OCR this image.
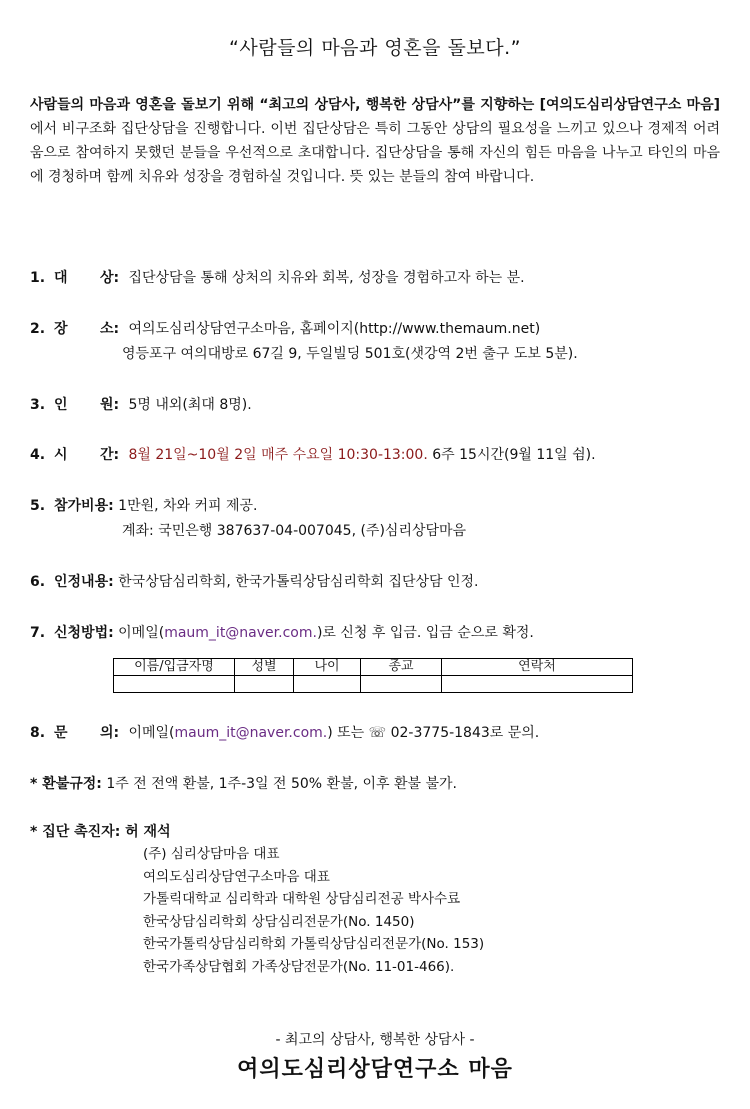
“사람들의 마음과 영혼을 돌보다.”
사람들의 마음과 영혼을 돌보기 위해 “최고의 상담사, 행복한 상담사”를 지향하는 [여의도심리상담연구소 마음]에서 비구조화 집단상담을 진행합니다. 이번 집단상담은 특히 그동안 상담의 필요성을 느끼고 있으나 경제적 어려움으로 참여하지 못했던 분들을 우선적으로 초대합니다. 집단상담을 통해 자신의 힘든 마음을 나누고 타인의 마음에 경청하며 함께 치유와 성장을 경험하실 것입니다. 뜻 있는 분들의 참여 바랍니다.
1. 대 상: 집단상담을 통해 상처의 치유와 회복, 성장을 경험하고자 하는 분.
2. 장 소: 여의도심리상담연구소마음, 홈페이지(http://www.themaum.net)
영등포구 여의대방로 67길 9, 두일빌딩 501호(샛강역 2번 출구 도보 5분).
3. 인 원: 5명 내외(최대 8명).
4. 시 간: 8월 21일~10월 2일 매주 수요일 10:30-13:00. 6주 15시간(9월 11일 쉼).
5. 참가비용: 1만원, 차와 커피 제공.
계좌: 국민은행 387637-04-007045, (주)심리상담마음
6. 인정내용: 한국상담심리학회, 한국가톨릭상담심리학회 집단상담 인정.
7. 신청방법: 이메일(maum_it@naver.com.)로 신청 후 입금. 입금 순으로 확정.
이름/입금자명	성별	나이	종교	연락처

8. 문 의: 이메일(maum_it@naver.com.) 또는 ☏ 02-3775-1843로 문의.
* 환불규정: 1주 전 전액 환불, 1주-3일 전 50% 환불, 이후 환불 불가.
* 집단 촉진자: 허 재석
(주) 심리상담마음 대표
여의도심리상담연구소마음 대표
가톨릭대학교 심리학과 대학원 상담심리전공 박사수료
한국상담심리학회 상담심리전문가(No. 1450)
한국가톨릭상담심리학회 가톨릭상담심리전문가(No. 153)
한국가족상담협회 가족상담전문가(No. 11-01-466).
- 최고의 상담사, 행복한 상담사 -
여의도심리상담연구소 마음
